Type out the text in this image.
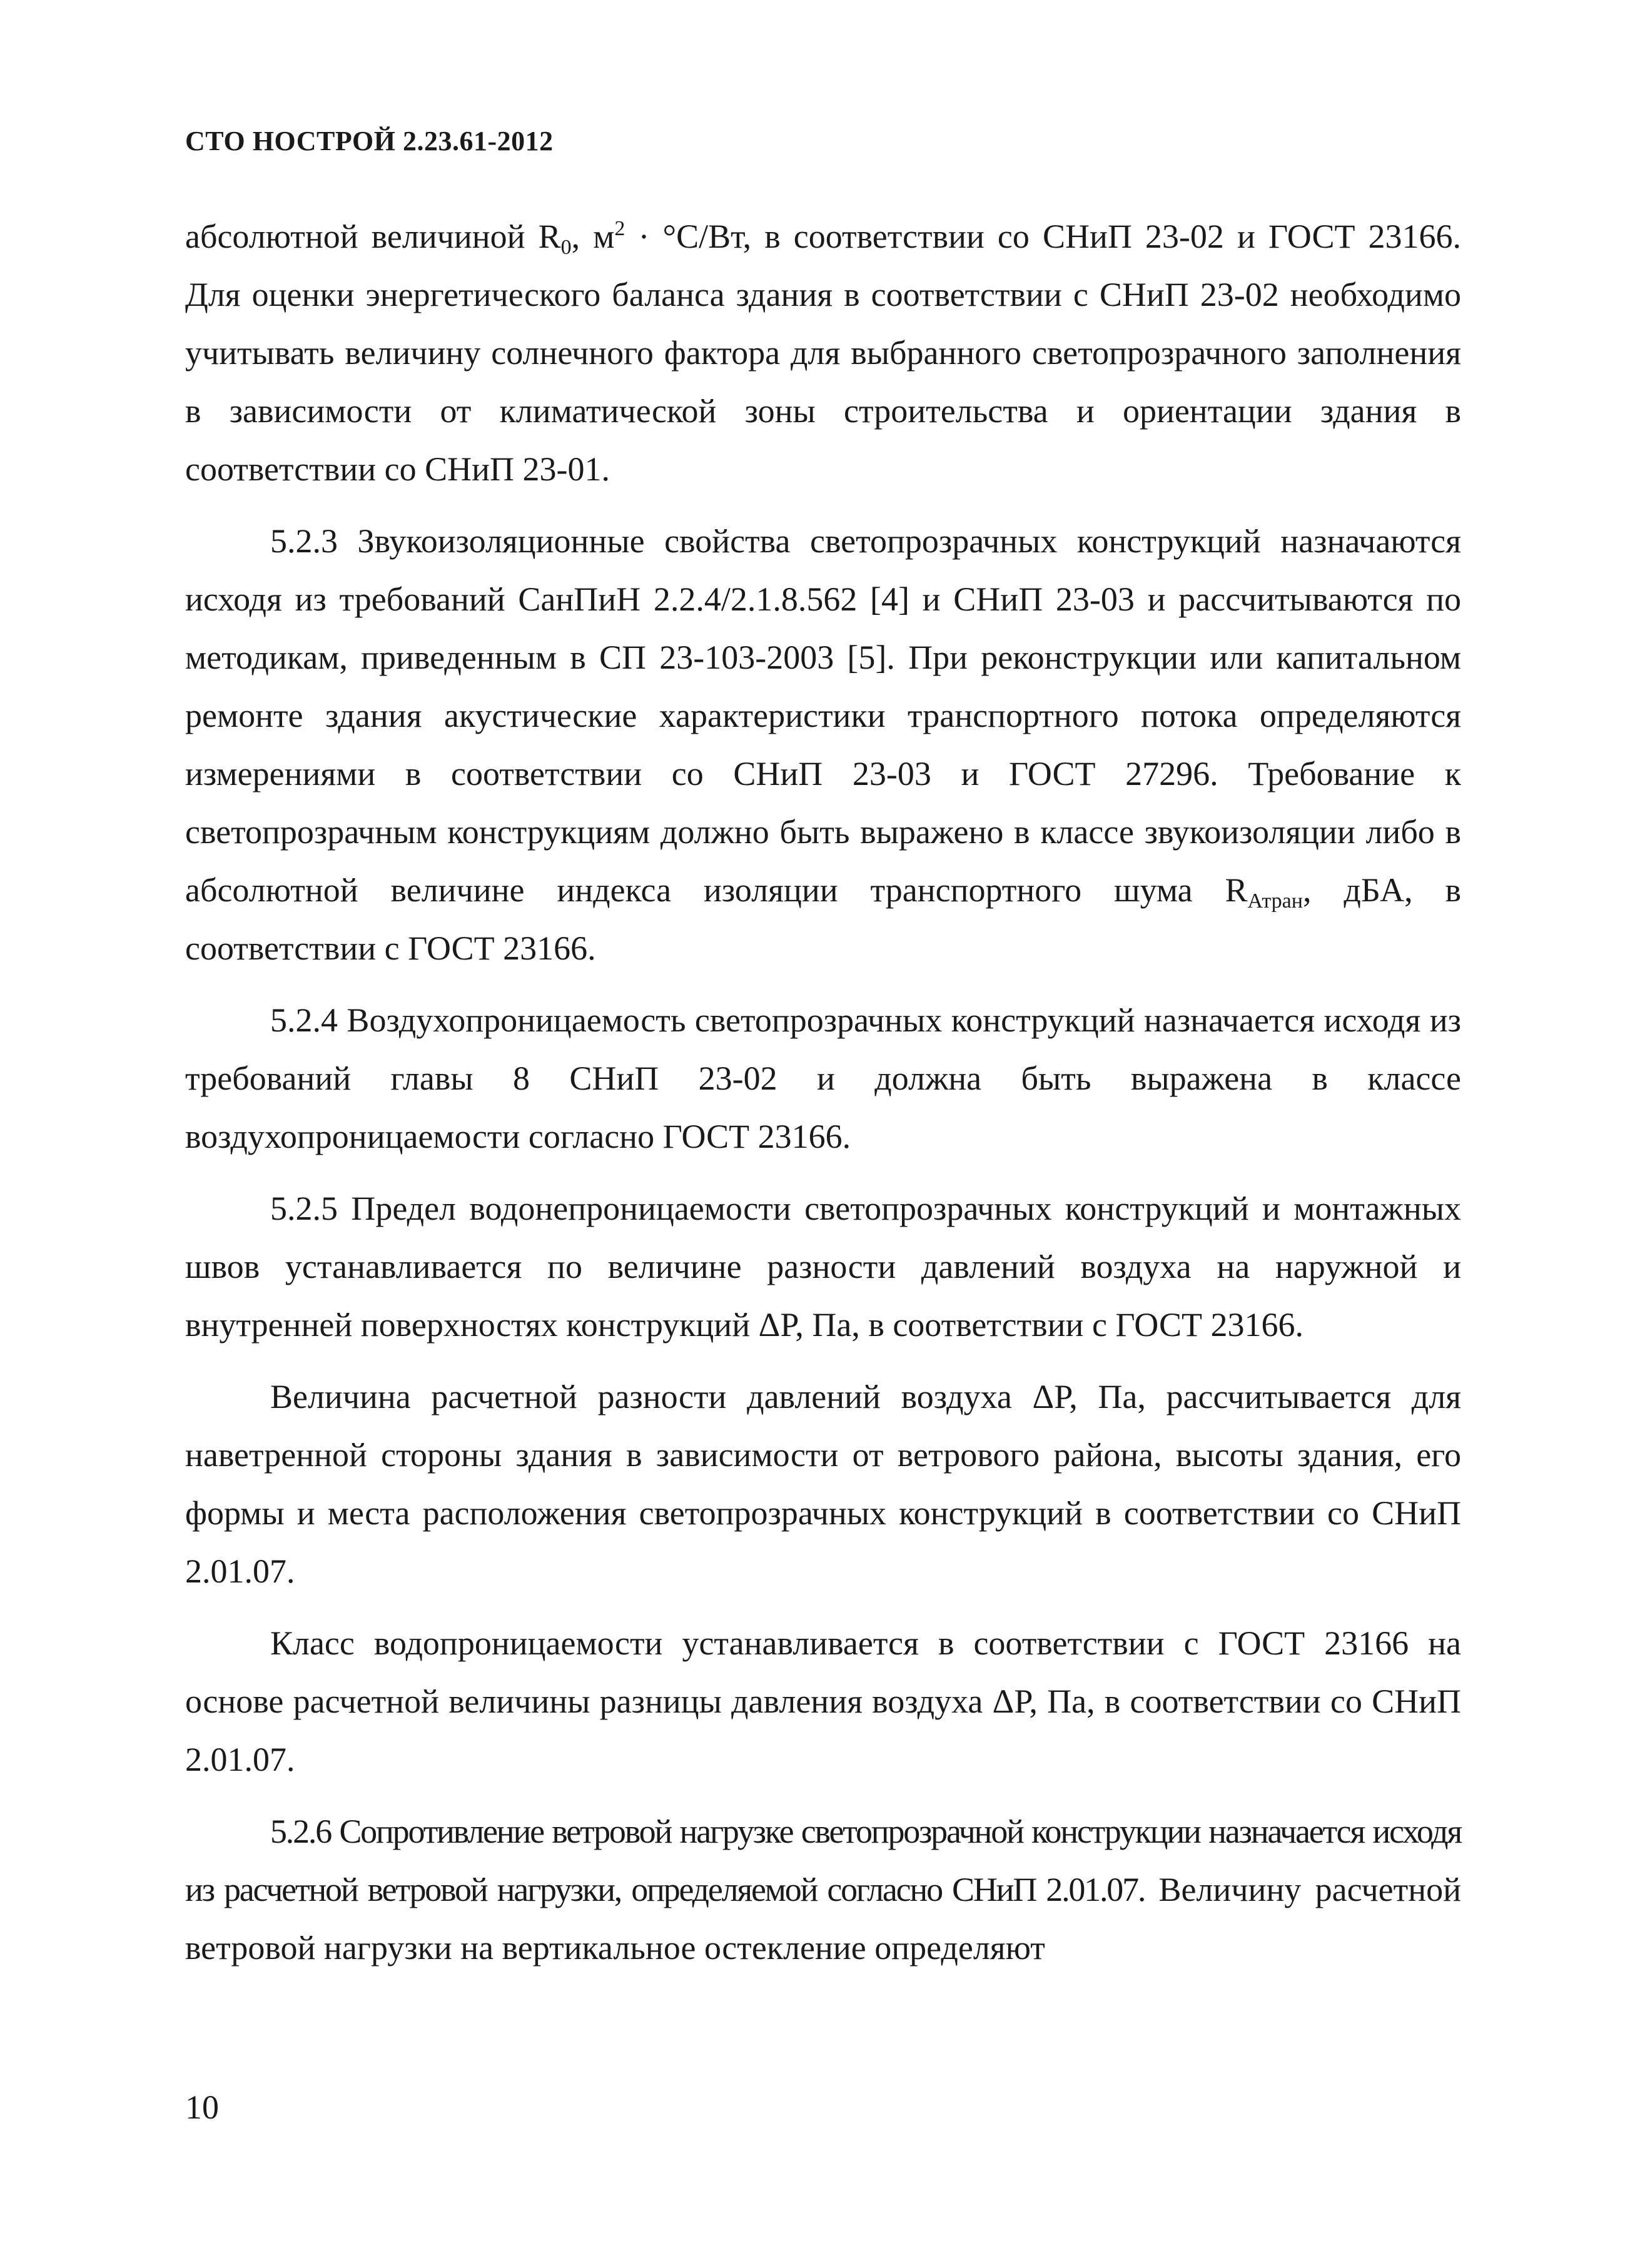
СТО НОСТРОЙ 2.23.61-2012

абсолютной величиной $R_0$, $м^2 \cdot ^\circ С/Вт$, в соответствии со СНиП 23-02 и ГОСТ 23166. Для оценки энергетического баланса здания в соответствии с СНиП 23-02 необходимо учитывать величину солнечного фактора для выбранного светопрозрачного заполнения в зависимости от климатической зоны строительства и ориентации здания в соответствии со СНиП 23-01.

5.2.3 Звукоизоляционные свойства светопрозрачных конструкций назначаются исходя из требований СанПиН 2.2.4/2.1.8.562 [4] и СНиП 23-03 и рассчитываются по методикам, приведенным в СП 23-103-2003 [5]. При реконструкции или капитальном ремонте здания акустические характеристики транспортного потока определяются измерениями в соответствии со СНиП 23-03 и ГОСТ 27296. Требование к светопрозрачным конструкциям должно быть выражено в классе звукоизоляции либо в абсолютной величине индекса изоляции транспортного шума $R_{Атран}$, дБА, в соответствии с ГОСТ 23166.

5.2.4 Воздухопроницаемость светопрозрачных конструкций назначается исходя из требований главы 8 СНиП 23-02 и должна быть выражена в классе воздухопроницаемости согласно ГОСТ 23166.

5.2.5 Предел водонепроницаемости светопрозрачных конструкций и монтажных швов устанавливается по величине разности давлений воздуха на наружной и внутренней поверхностях конструкций ΔP, Па, в соответствии с ГОСТ 23166.

Величина расчетной разности давлений воздуха ΔP, Па, рассчитывается для наветренной стороны здания в зависимости от ветрового района, высоты здания, его формы и места расположения светопрозрачных конструкций в соответствии со СНиП 2.01.07.

Класс водопроницаемости устанавливается в соответствии с ГОСТ 23166 на основе расчетной величины разницы давления воздуха ΔP, Па, в соответствии со СНиП 2.01.07.

5.2.6 Сопротивление ветровой нагрузке светопрозрачной конструкции назначается исходя из расчетной ветровой нагрузки, определяемой согласно СНиП 2.01.07. Величину расчетной ветровой нагрузки на вертикальное остекление определяют

10
